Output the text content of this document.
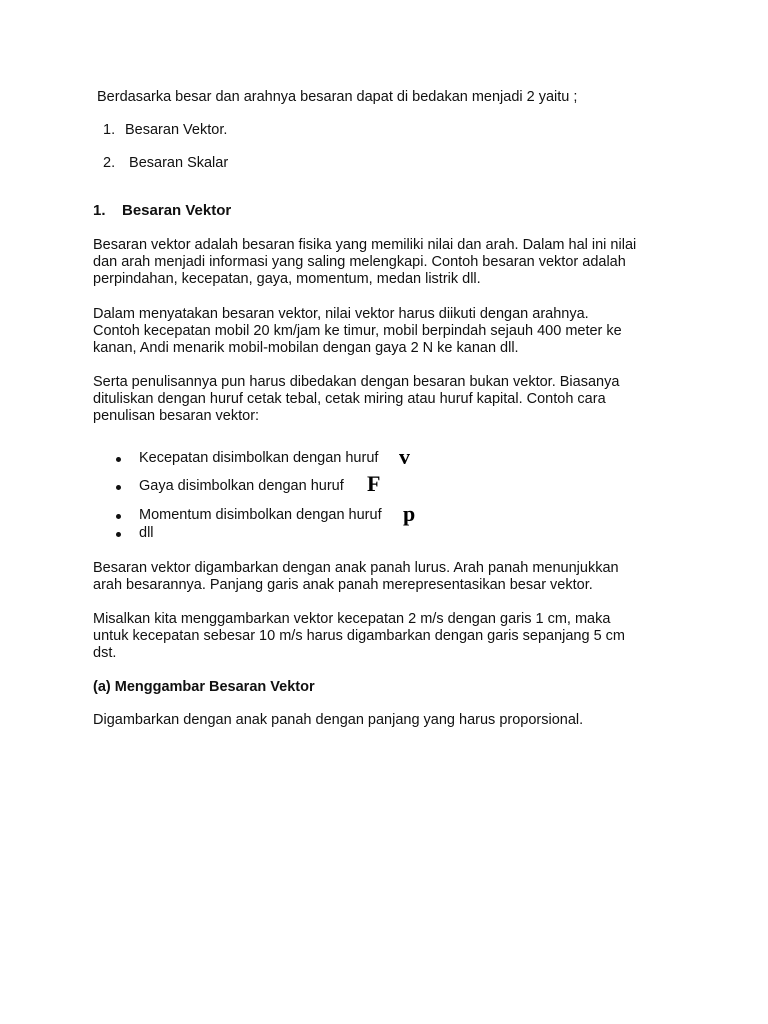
Berdasarka besar dan arahnya besaran dapat di bedakan menjadi 2 yaitu ;
1. Besaran Vektor.
2. Besaran Skalar
1. Besaran Vektor
Besaran vektor adalah besaran fisika yang memiliki nilai dan arah. Dalam hal ini nilai
dan arah menjadi informasi yang saling melengkapi. Contoh besaran vektor adalah
perpindahan, kecepatan, gaya, momentum, medan listrik dll.
Dalam menyatakan besaran vektor, nilai vektor harus diikuti dengan arahnya.
Contoh kecepatan mobil 20 km/jam ke timur, mobil berpindah sejauh 400 meter ke
kanan, Andi menarik mobil-mobilan dengan gaya 2 N ke kanan dll.
Serta penulisannya pun harus dibedakan dengan besaran bukan vektor. Biasanya
dituliskan dengan huruf cetak tebal, cetak miring atau huruf kapital. Contoh cara
penulisan besaran vektor:
Kecepatan disimbolkan dengan huruf v
Gaya disimbolkan dengan huruf F
Momentum disimbolkan dengan huruf p
dll
Besaran vektor digambarkan dengan anak panah lurus. Arah panah menunjukkan
arah besarannya. Panjang garis anak panah merepresentasikan besar vektor.
Misalkan kita menggambarkan vektor kecepatan 2 m/s dengan garis 1 cm, maka
untuk kecepatan sebesar 10 m/s harus digambarkan dengan garis sepanjang 5 cm
dst.
(a) Menggambar Besaran Vektor
Digambarkan dengan anak panah dengan panjang yang harus proporsional.
